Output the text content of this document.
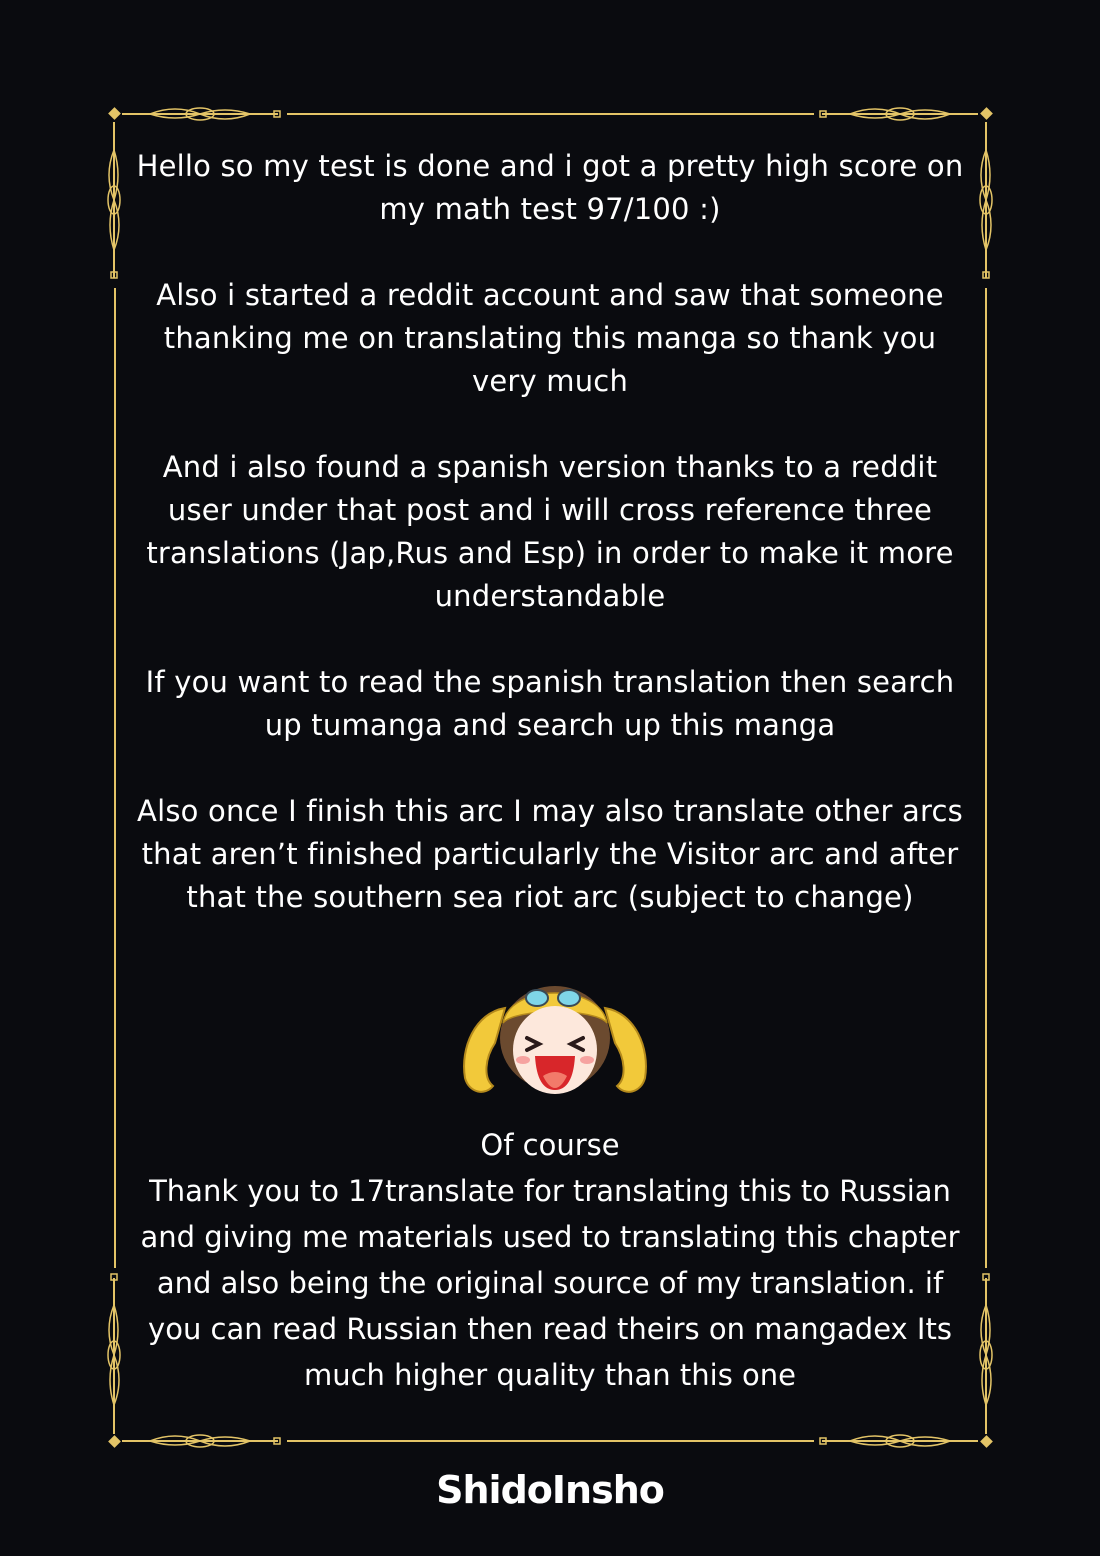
Hello so my test is done and i got a pretty high score on my math test 97/100 :)

Also i started a reddit account and saw that someone thanking me on translating this manga so thank you very much

And i also found a spanish version thanks to a reddit user under that post and i will cross reference three translations (Jap,Rus and Esp) in order to make it more understandable

If you want to read the spanish translation then search up tumanga and search up this manga

Also once I finish this arc I may also translate other arcs that aren’t finished particularly the Visitor arc and after that the southern sea riot arc (subject to change)

Of course
Thank you to 17translate for translating this to Russian and giving me materials used to translating this chapter and also being the original source of my translation. if you can read Russian then read theirs on mangadex Its much higher quality than this one
ShidoInsho
